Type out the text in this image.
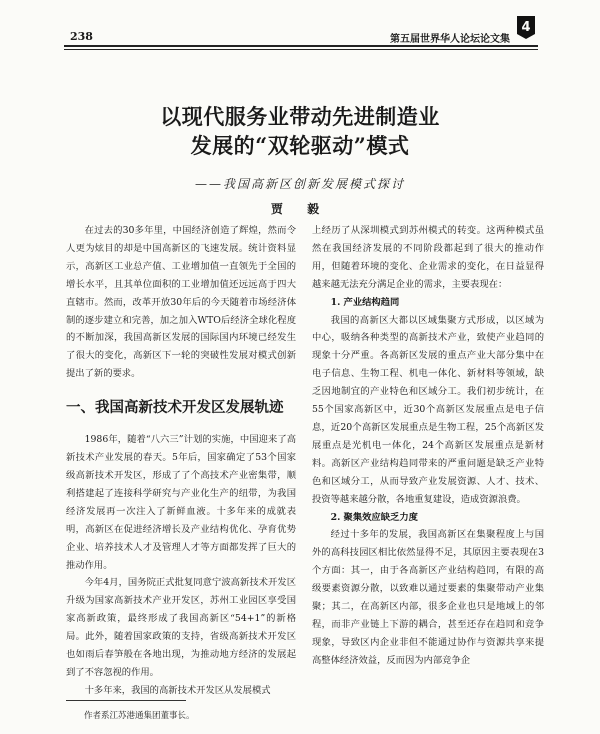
238	第五届世界华人论坛论文集
4
以现代服务业带动先进制造业
发展的“双轮驱动”模式
——我国高新区创新发展模式探讨
贾 毅

在过去的30多年里，中国经济创造了辉煌，然而令人更为炫目的却是中国高新区的飞速发展。统计资料显示，高新区工业总产值、工业增加值一直领先于全国的增长水平，且其单位面积的工业增加值还远远高于四大直辖市。然而，改革开放30年后的今天随着市场经济体制的逐步建立和完善，加之加入WTO后经济全球化程度的不断加深，我国高新区发展的国际国内环境已经发生了很大的变化，高新区下一轮的突破性发展对模式创新提出了新的要求。

一、我国高新技术开发区发展轨迹

1986年，随着“八六三”计划的实施，中国迎来了高新技术产业发展的春天。5年后，国家确定了53个国家级高新技术开发区，形成了了个高技术产业密集带，顺利搭建起了连接科学研究与产业化生产的纽带，为我国经济发展再一次注入了新鲜血液。十多年来的成就表明，高新区在促进经济增长及产业结构优化、孕育优势企业、培养技术人才及管理人才等方面都发挥了巨大的推动作用。

今年4月，国务院正式批复同意宁波高新技术开发区升级为国家高新技术产业开发区，苏州工业园区享受国家高新政策，最终形成了我国高新区“54+1”的新格局。此外，随着国家政策的支持，省级高新技术开发区也如雨后春笋般在各地出现，为推动地方经济的发展起到了不容忽视的作用。

十多年来，我国的高新技术开发区从发展模式

上经历了从深圳模式到苏州模式的转变。这两种模式虽然在我国经济发展的不同阶段都起到了很大的推动作用，但随着环境的变化、企业需求的变化，在日益显得越来越无法充分满足企业的需求，主要表现在：

1. 产业结构趋同

我国的高新区大都以区域集聚方式形成，以区域为中心，吸纳各种类型的高新技术产业，致使产业趋同的现象十分严重。各高新区发展的重点产业大部分集中在电子信息、生物工程、机电一体化、新材料等领域，缺乏因地制宜的产业特色和区域分工。我们初步统计，在55个国家高新区中，近30个高新区发展重点是电子信息，近20个高新区发展重点是生物工程，25个高新区发展重点是光机电一体化，24个高新区发展重点是新材料。高新区产业结构趋同带来的严重问题是缺乏产业特色和区域分工，从而导致产业发展资源、人才、技术、投资等越来越分散，各地重复建设，造成资源浪费。

2. 聚集效应缺乏力度

经过十多年的发展，我国高新区在集聚程度上与国外的高科技园区相比依然显得不足，其原因主要表现在3个方面：其一，由于各高新区产业结构趋同，有限的高级要素资源分散，以致难以通过要素的集聚带动产业集聚；其二，在高新区内部，很多企业也只是地域上的邻程，而非产业链上下游的耦合，甚至还存在趋同和竞争现象，导致区内企业非但不能通过协作与资源共享来提高整体经济效益，反而因为内部竞争企

作者系江苏港通集团董事长。
